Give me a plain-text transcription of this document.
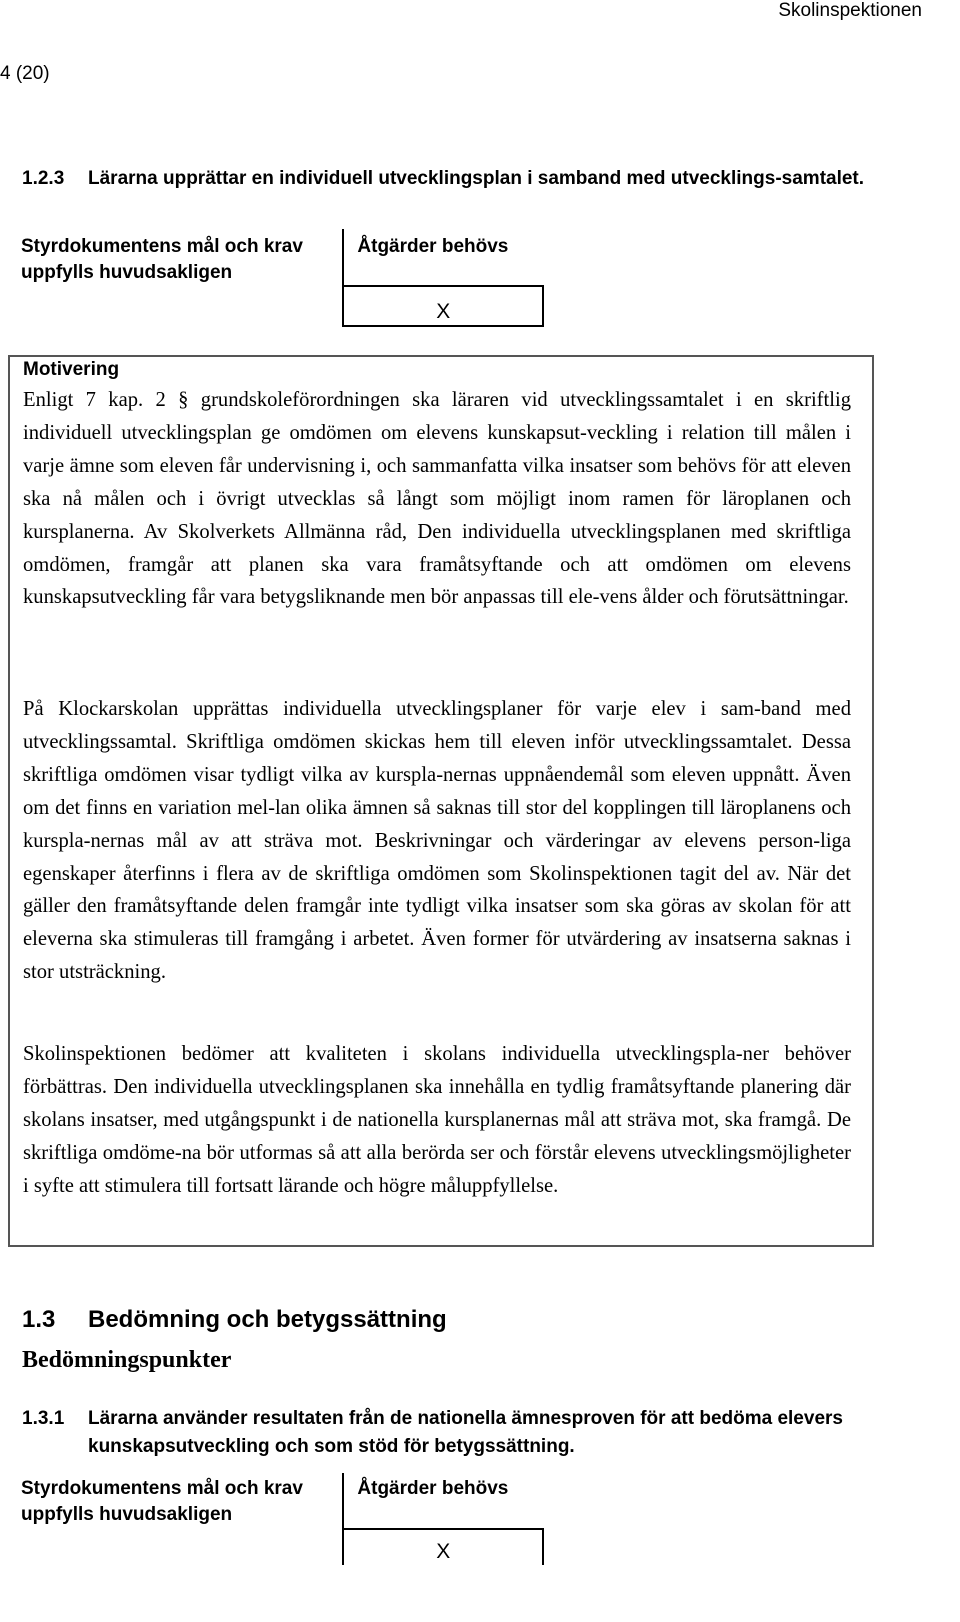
Skolinspektionen
4 (20)
1.2.3 Lärarna upprättar en individuell utvecklingsplan i samband med utvecklings-samtalet.
Styrdokumentens mål och krav uppfylls huvudsakligen	Åtgärder behövs
	X
Motivering
Enligt 7 kap. 2 § grundskoleförordningen ska läraren vid utvecklingssamtalet i en skriftlig individuell utvecklingsplan ge omdömen om elevens kunskapsut-veckling i relation till målen i varje ämne som eleven får undervisning i, och sammanfatta vilka insatser som behövs för att eleven ska nå målen och i övrigt utvecklas så långt som möjligt inom ramen för läroplanen och kursplanerna. Av Skolverkets Allmänna råd, Den individuella utvecklingsplanen med skriftliga omdömen, framgår att planen ska vara framåtsyftande och att omdömen om elevens kunskapsutveckling får vara betygsliknande men bör anpassas till ele-vens ålder och förutsättningar.
På Klockarskolan upprättas individuella utvecklingsplaner för varje elev i sam-band med utvecklingssamtal. Skriftliga omdömen skickas hem till eleven inför utvecklingssamtalet. Dessa skriftliga omdömen visar tydligt vilka av kurspla-nernas uppnåendemål som eleven uppnått. Även om det finns en variation mel-lan olika ämnen så saknas till stor del kopplingen till läroplanens och kurspla-nernas mål av att sträva mot. Beskrivningar och värderingar av elevens person-liga egenskaper återfinns i flera av de skriftliga omdömen som Skolinspektionen tagit del av. När det gäller den framåtsyftande delen framgår inte tydligt vilka insatser som ska göras av skolan för att eleverna ska stimuleras till framgång i arbetet. Även former för utvärdering av insatserna saknas i stor utsträckning.
Skolinspektionen bedömer att kvaliteten i skolans individuella utvecklingspla-ner behöver förbättras. Den individuella utvecklingsplanen ska innehålla en tydlig framåtsyftande planering där skolans insatser, med utgångspunkt i de nationella kursplanernas mål att sträva mot, ska framgå. De skriftliga omdöme-na bör utformas så att alla berörda ser och förstår elevens utvecklingsmöjligheter i syfte att stimulera till fortsatt lärande och högre måluppfyllelse.
1.3 Bedömning och betygssättning
Bedömningspunkter
1.3.1 Lärarna använder resultaten från de nationella ämnesproven för att bedöma elevers kunskapsutveckling och som stöd för betygssättning.
Styrdokumentens mål och krav uppfylls huvudsakligen	Åtgärder behövs
	X
